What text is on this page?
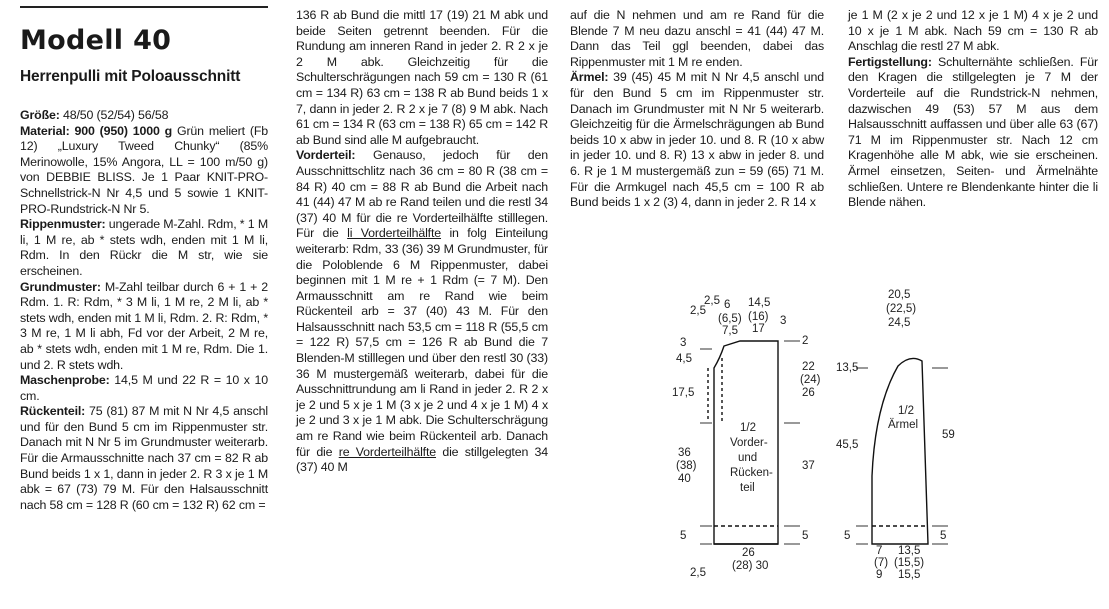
Modell 40
Herrenpulli mit Poloausschnitt

Größe: 48/50 (52/54) 56/58

Material: 900 (950) 1000 g Grün meliert (Fb 12) „Luxury Tweed Chunky“ (85% Merinowolle, 15% Angora, LL = 100 m/50 g) von DEBBIE BLISS. Je 1 Paar KNIT-PRO-Schnellstrick-N Nr 4,5 und 5 sowie 1 KNIT-PRO-Rundstrick-N Nr 5.

Rippenmuster: ungerade M-Zahl. Rdm, * 1 M li, 1 M re, ab * stets wdh, enden mit 1 M li, Rdm. In den Rückr die M str, wie sie erscheinen.

Grundmuster: M-Zahl teilbar durch 6 + 1 + 2 Rdm. 1. R: Rdm, * 3 M li, 1 M re, 2 M li, ab * stets wdh, enden mit 1 M li, Rdm. 2. R: Rdm, * 3 M re, 1 M li abh, Fd vor der Arbeit, 2 M re, ab * stets wdh, enden mit 1 M re, Rdm. Die 1. und 2. R stets wdh.

Maschenprobe: 14,5 M und 22 R = 10 x 10 cm.

Rückenteil: 75 (81) 87 M mit N Nr 4,5 anschl und für den Bund 5 cm im Rippenmuster str. Danach mit N Nr 5 im Grundmuster weiterarb. Für die Armausschnitte nach 37 cm = 82 R ab Bund beids 1 x 1, dann in jeder 2. R 3 x je 1 M abk = 67 (73) 79 M. Für den Halsausschnitt nach 58 cm = 128 R (60 cm = 132 R) 62 cm =

136 R ab Bund die mittl 17 (19) 21 M abk und beide Seiten getrennt beenden. Für die Rundung am inneren Rand in jeder 2. R 2 x je 2 M abk. Gleichzeitig für die Schulterschrägungen nach 59 cm = 130 R (61 cm = 134 R) 63 cm = 138 R ab Bund beids 1 x 7, dann in jeder 2. R 2 x je 7 (8) 9 M abk. Nach 61 cm = 134 R (63 cm = 138 R) 65 cm = 142 R ab Bund sind alle M aufgebraucht.

Vorderteil: Genauso, jedoch für den Ausschnittschlitz nach 36 cm = 80 R (38 cm = 84 R) 40 cm = 88 R ab Bund die Arbeit nach 41 (44) 47 M ab re Rand teilen und die restl 34 (37) 40 M für die re Vorderteilhälfte stilllegen. Für die li Vorderteilhälfte in folg Einteilung weiterarb: Rdm, 33 (36) 39 M Grundmuster, für die Poloblende 6 M Rippenmuster, dabei beginnen mit 1 M re + 1 Rdm (= 7 M). Den Armausschnitt am re Rand wie beim Rückenteil arb = 37 (40) 43 M. Für den Halsausschnitt nach 53,5 cm = 118 R (55,5 cm = 122 R) 57,5 cm = 126 R ab Bund die 7 Blenden-M stilllegen und über den restl 30 (33) 36 M mustergemäß weiterarb, dabei für die Ausschnittrundung am li Rand in jeder 2. R 2 x je 2 und 5 x je 1 M (3 x je 2 und 4 x je 1 M) 4 x je 2 und 3 x je 1 M abk. Die Schulterschrägung am re Rand wie beim Rückenteil arb. Danach für die re Vorderteilhälfte die stillgelegten 34 (37) 40 M

auf die N nehmen und am re Rand für die Blende 7 M neu dazu anschl = 41 (44) 47 M. Dann das Teil ggl beenden, dabei das Rippenmuster mit 1 M re enden.

Ärmel: 39 (45) 45 M mit N Nr 4,5 anschl und für den Bund 5 cm im Rippenmuster str. Danach im Grundmuster mit N Nr 5 weiterarb. Gleichzeitig für die Ärmelschrägungen ab Bund beids 10 x abw in jeder 10. und 8. R (10 x abw in jeder 10. und 8. R) 13 x abw in jeder 8. und 6. R je 1 M mustergemäß zun = 59 (65) 71 M. Für die Armkugel nach 45,5 cm = 100 R ab Bund beids 1 x 2 (3) 4, dann in jeder 2. R 14 x

je 1 M (2 x je 2 und 12 x je 1 M) 4 x je 2 und 10 x je 1 M abk. Nach 59 cm = 130 R ab Anschlag die restl 27 M abk.

Fertigstellung: Schulternähte schließen. Für den Kragen die stillgelegten je 7 M der Vorderteile auf die Rundstrick-N nehmen, dazwischen 49 (53) 57 M aus dem Halsausschnitt auffassen und über alle 63 (67) 71 M im Rippenmuster str. Nach 12 cm Kragenhöhe alle M abk, wie sie erscheinen. Ärmel einsetzen, Seiten- und Ärmelnähte schließen. Untere re Blendenkante hinter die li Blende nähen.

2,5
2,5 6
(6,5)
7,5
14,5
(16)
17
3
3
4,5
17,5
36
(38)
40
5
2
22
(24)
26
37
5
1/2
Vorder-
und
Rücken-
teil
26
(28) 30
2,5
20,5
(22,5)
24,5
13,5
45,5
5
59
5
1/2
Ärmel
7
(7)
9
13,5
(15,5)
15,5
